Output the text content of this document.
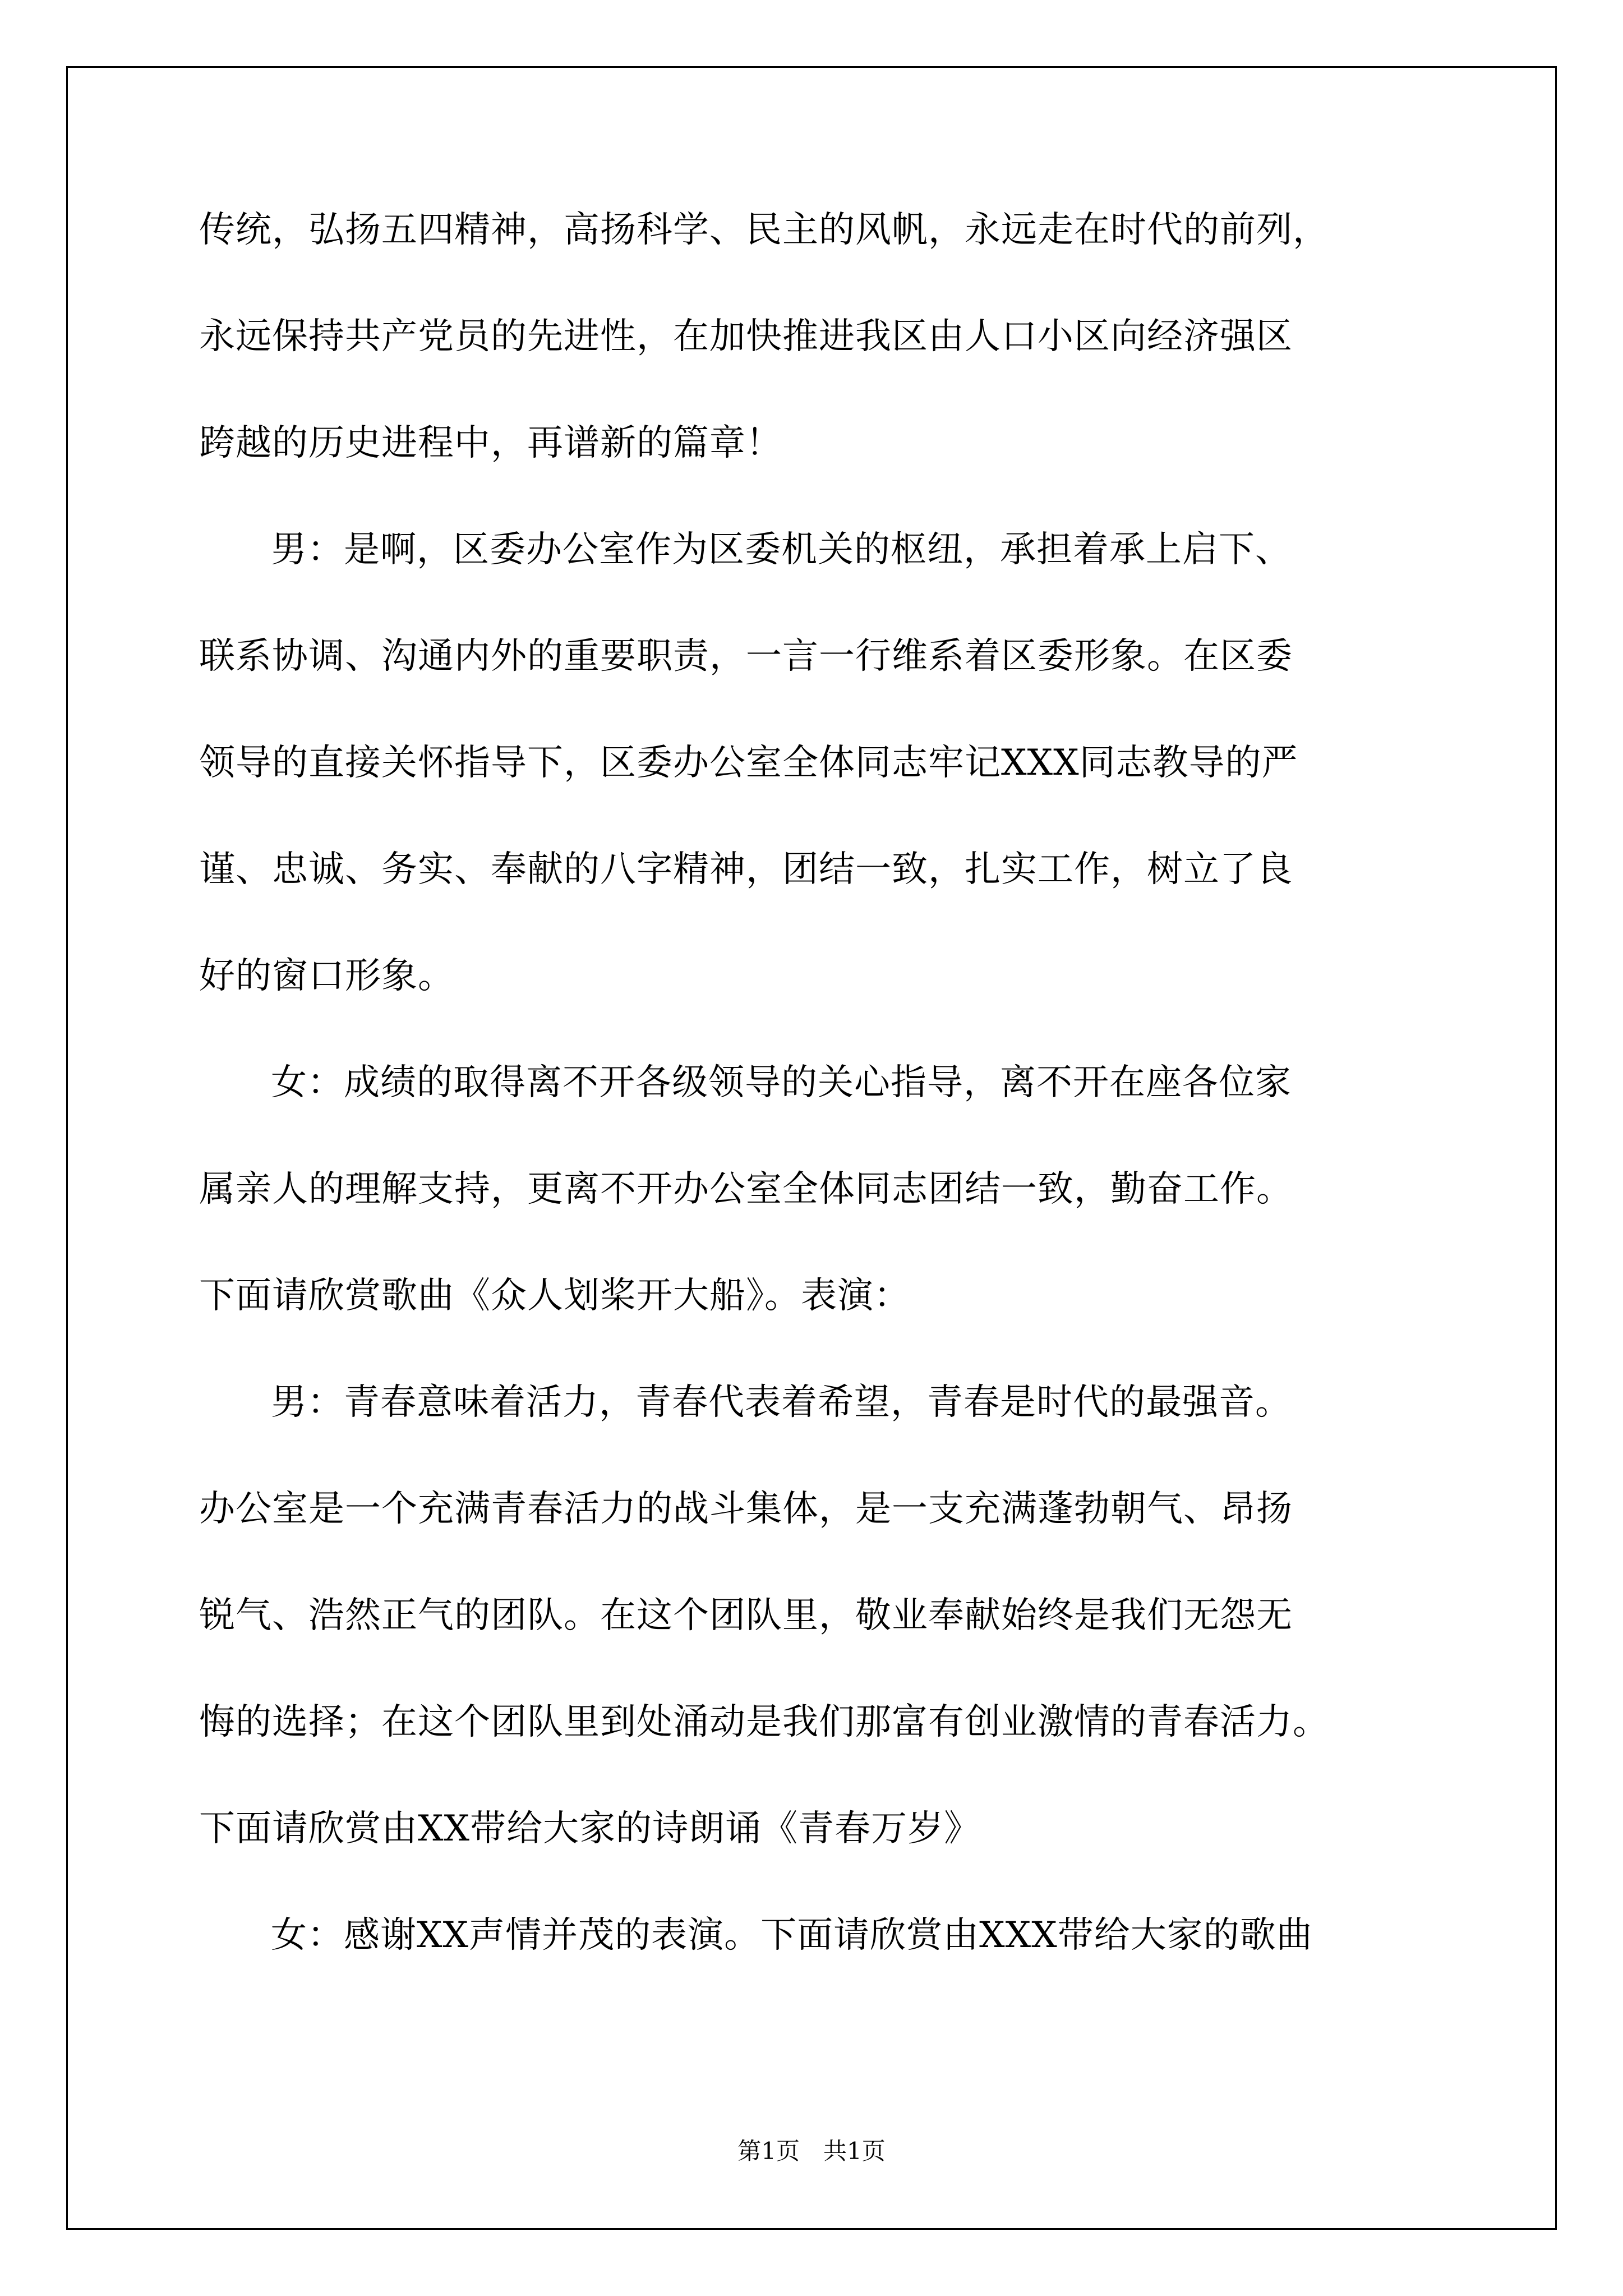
传统，弘扬五四精神，高扬科学、民主的风帆，永远走在时代的前列，
永远保持共产党员的先进性，在加快推进我区由人口小区向经济强区
跨越的历史进程中，再谱新的篇章！
男：是啊，区委办公室作为区委机关的枢纽，承担着承上启下、
联系协调、沟通内外的重要职责，一言一行维系着区委形象。在区委
领导的直接关怀指导下，区委办公室全体同志牢记XXX同志教导的严
谨、忠诚、务实、奉献的八字精神，团结一致，扎实工作，树立了良
好的窗口形象。
女：成绩的取得离不开各级领导的关心指导，离不开在座各位家
属亲人的理解支持，更离不开办公室全体同志团结一致，勤奋工作。
下面请欣赏歌曲《众人划桨开大船》。表演：
男：青春意味着活力，青春代表着希望，青春是时代的最强音。
办公室是一个充满青春活力的战斗集体，是一支充满蓬勃朝气、昂扬
锐气、浩然正气的团队。在这个团队里，敬业奉献始终是我们无怨无
悔的选择；在这个团队里到处涌动是我们那富有创业激情的青春活力。
下面请欣赏由XX带给大家的诗朗诵《青春万岁》
女：感谢XX声情并茂的表演。下面请欣赏由XXX带给大家的歌曲
第1页　共1页
